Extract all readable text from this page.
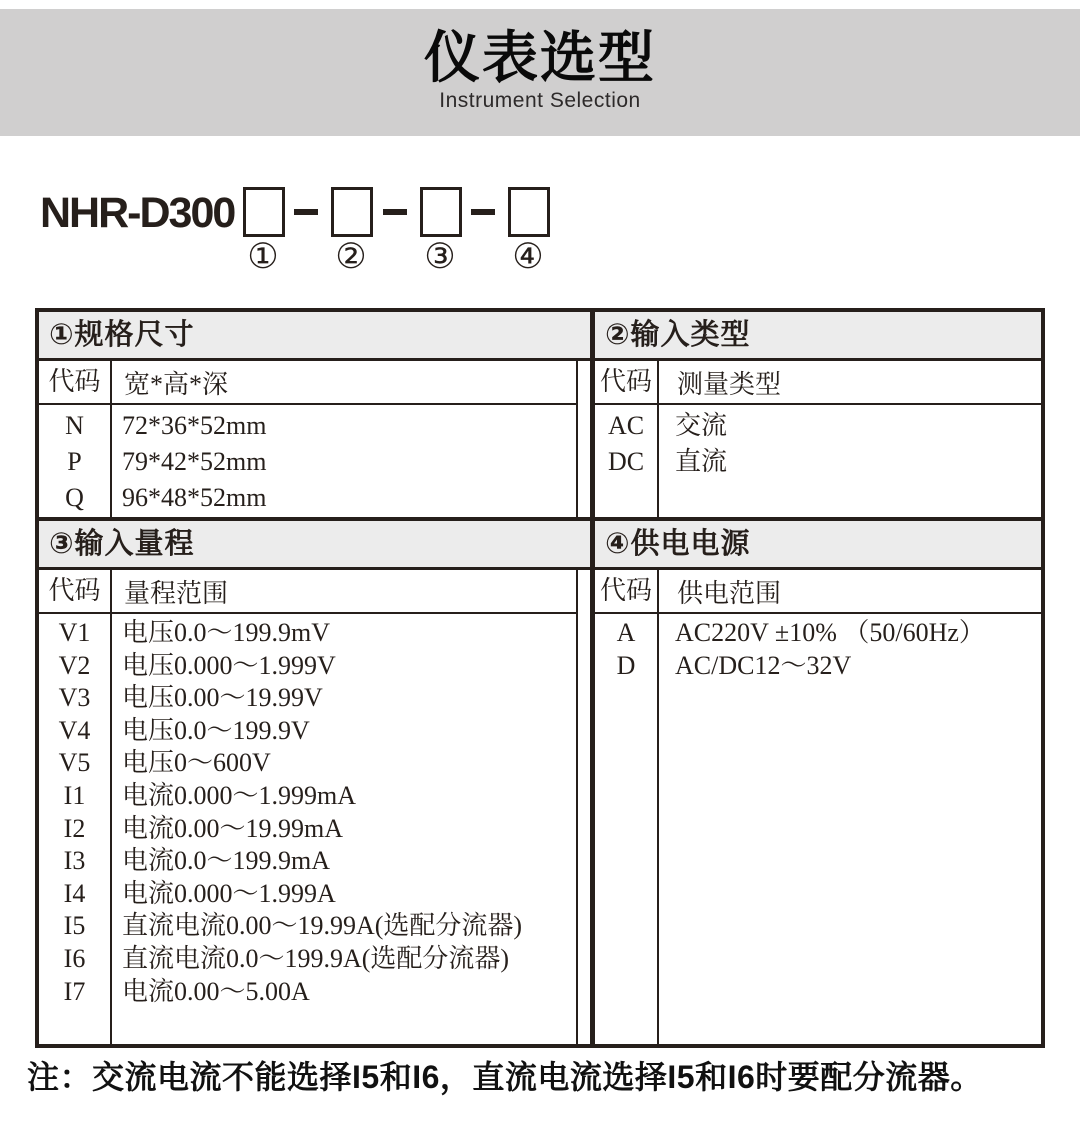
仪表选型
Instrument Selection
NHR-D300
① ② ③ ④
①规格尺寸
代码 宽*高*深
N	72*36*52mm
P	79*42*52mm
Q	96*48*52mm
③输入量程
代码 量程范围
V1	电压0.0～199.9mV
V2	电压0.000～1.999V
V3	电压0.00～19.99V
V4	电压0.0～199.9V
V5	电压0～600V
I1	电流0.000～1.999mA
I2	电流0.00～19.99mA
I3	电流0.0～199.9mA
I4	电流0.000～1.999A
I5	直流电流0.00～19.99A(选配分流器)
I6	直流电流0.0～199.9A(选配分流器)
I7	电流0.00～5.00A
②输入类型
代码 测量类型
AC	交流
DC	直流
④供电电源
代码 供电范围
A	AC220V ±10% （50/60Hz）
D	AC/DC12～32V
注：交流电流不能选择I5和I6，直流电流选择I5和I6时要配分流器。
